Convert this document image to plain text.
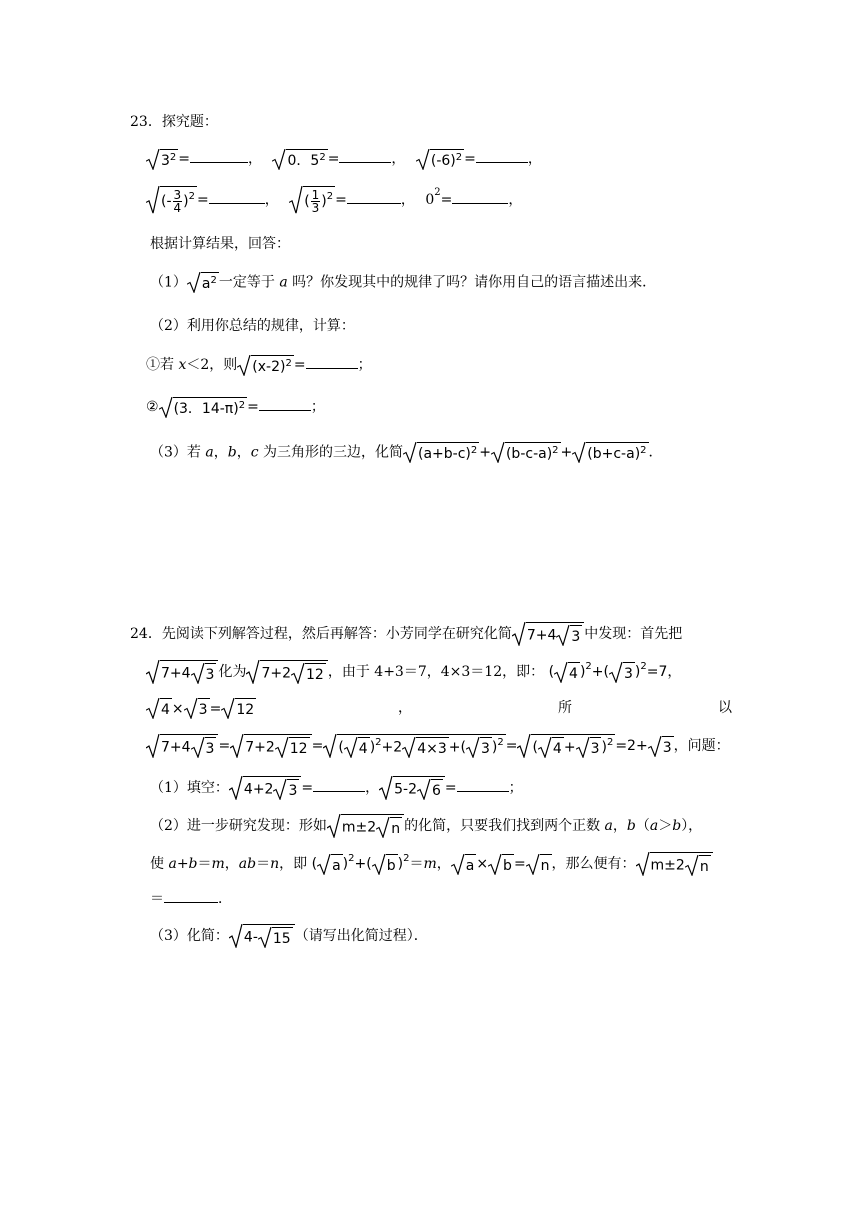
23．探究题：
$3^2$ =	， 0．$5^2$ =	， $(-6)^2$ =	，
(- $\frac{3}{4} )^2$ =	， ( $\frac{1}{3} )^2$ =	， $0^2=$	，
根据计算结果，回答：
（1） $a^2$ 一定等于 a 吗？你发现其中的规律了吗？请你用自己的语言描述出来．
（2）利用你总结的规律，计算：
①若 x＜2，则 $(x-2)^2$ =	；
② (3．14-π)$^2$ =	；
（3）若 a，b，c 为三角形的三边，化简 $(a+b-c)^2 + (b-c-a)^2 + (b+c-a)^2$ ．
24．先阅读下列解答过程，然后再解答：小芳同学在研究化简 7+4 3 中发现：首先把
7+4 3 化为 7+2 12 ，由于 4+3＝7，4×3＝12，即： ( 4 )$^2$+( 3 )$^2$=7，
4 × 3 = 12	，	所	以
7+4 3 = 7+2 12 = ( 4 )$^2$+2 4×3 +( 3 )$^2$ = ( 4 + 3 )$^2$ =2+ 3 ，问题：
（1）填空： 4+2 3 =	， 5-2 6 =	；
（2）进一步研究发现：形如 m±2 n 的化简，只要我们找到两个正数 a，b（a＞b），
使 a+b＝m，ab＝n，即 ( a )$^2$+( b )$^2$＝m， a × b = n ，那么便有： m±2 n
＝	．
（3）化简： 4- 15 （请写出化简过程）．
